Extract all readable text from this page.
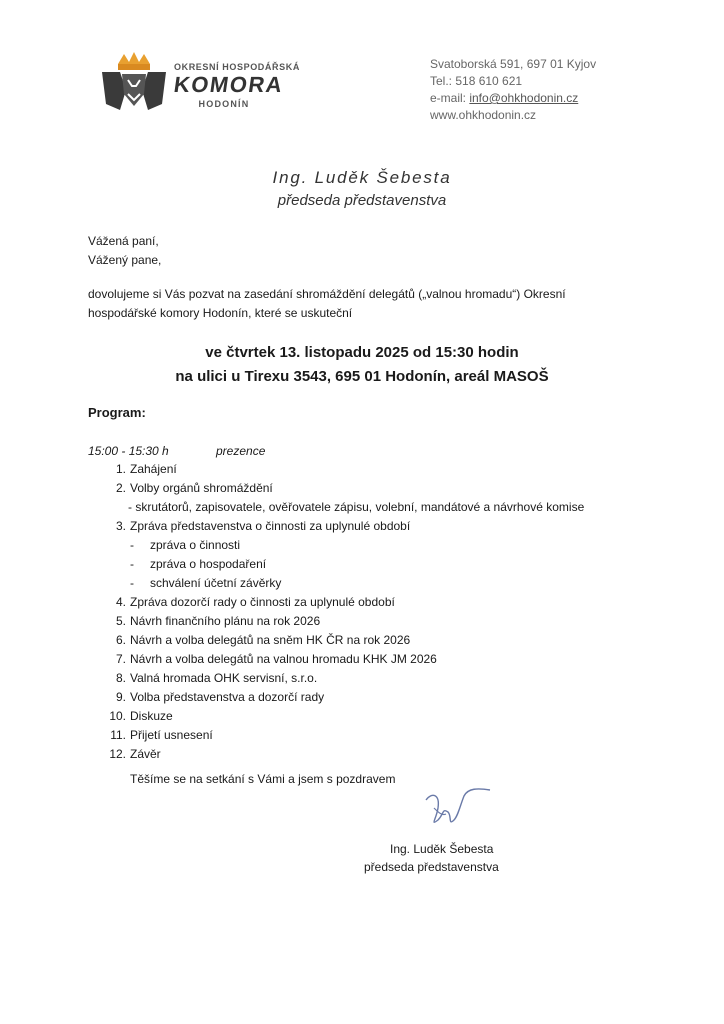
OKRESNÍ HOSPODÁŘSKÁ
KOMORA
HODONÍN
Svatoborská 591, 697 01 Kyjov
Tel.: 518 610 621
e-mail: info@ohkhodonin.cz
www.ohkhodonin.cz
Ing. Luděk Šebesta
předseda představenstva
Vážená paní,
Vážený pane,
dovolujeme si Vás pozvat na zasedání shromáždění delegátů („valnou hromadu“) Okresní
hospodářské komory Hodonín, které se uskuteční
ve čtvrtek 13. listopadu 2025 od 15:30 hodin
na ulici u Tirexu 3543, 695 01 Hodonín, areál MASOŠ
Program:
15:00 - 15:30 h	prezence
1. Zahájení
2. Volby orgánů shromáždění
- skrutátorů, zapisovatele, ověřovatele zápisu, volební, mandátové a návrhové komise
3. Zpráva představenstva o činnosti za uplynulé období
- zpráva o činnosti
- zpráva o hospodaření
- schválení účetní závěrky
4. Zpráva dozorčí rady o činnosti za uplynulé období
5. Návrh finančního plánu na rok 2026
6. Návrh a volba delegátů na sněm HK ČR na rok 2026
7. Návrh a volba delegátů na valnou hromadu KHK JM 2026
8. Valná hromada OHK servisní, s.r.o.
9. Volba představenstva a dozorčí rady
10. Diskuze
11. Přijetí usnesení
12. Závěr
Těšíme se na setkání s Vámi a jsem s pozdravem
Ing. Luděk Šebesta
předseda představenstva
